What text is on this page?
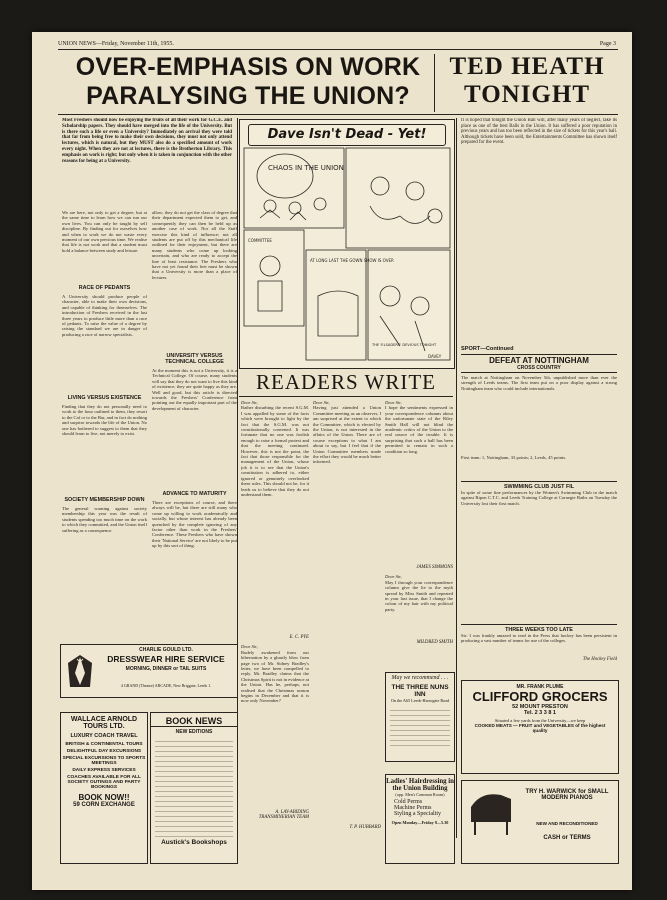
UNION NEWS—Friday, November 11th, 1955.	Page 3
OVER-EMPHASIS ON WORK
PARALYSING THE UNION?
TED HEATH
TONIGHT
Most Freshers should now be enjoying the fruits of all their work for G.C.E. and Scholarship papers. They should have merged into the life of the University. But is there such a life or even a University? Immediately on arrival they were told that far from being free to make their own decisions, they must not only attend lectures, which is natural, but they MUST also do a specified amount of work every night. When they are not at lectures, there is the Brotherton Library. This emphasis on work is right; but only when it is taken in conjunction with the other reasons for being at a University.
We are here, not only to get a degree, but at the same time to learn how we can run our own lives. You can only be taught by self discipline. By finding out for ourselves how and when to work we do not waste every moment of our own precious time. We realise that life is not work and that a student must hold a balance between study and leisure.
RACE OF PEDANTS
A University should produce people of character, able to make their own decisions, and capable of thinking for themselves. The introduction of Freshers received in the last three years to produce little more than a race of pedants. To raise the value of a degree by raising the standard we are in danger of producing a race of narrow specialists.
LIVING VERSUS EXISTENCE
Finding that they do not personally need to work to the hour outlined to them, they resort to the Caf or to the Bar, and in fact do nothing and surprise towards the life of the Union. No one has bothered to suggest to them that they should learn to live, not merely to exist.
SOCIETY MEMBERSHIP DOWN
The general warning against society membership this year was the result of students spending too much time on the work to which they committed, and the Union itself suffering as a consequence.
allow; they do not get the class of degree that their department expected them to get, and consequently they can then be held up as another case of work. Nor all the Staff exercise this kind of influence; not all students are put off by this mechanical life outlined for their enjoyment, but there are many students who come up looking uncertain, and who are ready to accept the line of least resistance. The Freshers who have not yet found their feet must be shown that a University is more than a place of lectures.
UNIVERSITY VERSUS TECHNICAL COLLEGE
At the moment this is not a University, it is a Technical College. Of course, many students will say that they do not want to live this kind of existence; they are quite happy as they are. Well and good, but this article is directed towards the Freshers' Conference from pointing out the equally important part of the development of character.
ADVANCE TO MATURITY
There are exceptions of course, and there always will be, but there are still many who come up willing to work academically and socially, but whose interest has already been quenched by the complete ignoring of any factor other than work in the Freshers' Conference. These Freshers who have shown their 'National Service' are not likely to be put up by this sort of thing.
Dave Isn't Dead - Yet!
CHAOS IN THE UNION
COMMITTEE
AT LONG LAST THE GOWN SHOW IS OVER
THE 'ELSADERS' DEVIOUS TONIGHT
DAVEY
READERS WRITE
Dear Sir,
Rather disturbing the recent S.G.M. I was appalled by some of the facts which were brought to light by the fact that the S.G.M. was not constitutionally convened. It was fortunate that no one was foolish enough to raise a formal protest and that the meeting continued. However, this is not the point, the fact that those responsible for the management of the Union, whose job it is to see that the Union's constitution is adhered to, either ignored or genuinely overlooked these rules. This should not be, for it leads us to believe that they do not understand them.
E. C. PYE
Dear Sir,
Rudely awakened from our hibernation by a ghastly blow from page two of Mr. Sidney Bradley's letter, we have been compelled to reply. Mr. Bradley claims that the Christmas Spirit is not in evidence at the Union. Has he, perhaps, not realised that the Christmas season begins in December and that it is now only November?
A. LAY-ABIDING TRANSMINERIAN TEAM
Dear Sir,
Having just attended a Union Committee meeting as an observer, I am surprised at the extent to which the Committee, which is elected by the Union, is not interested in the affairs of the Union. There are of course exceptions to what I am about to say, but I feel that if the Union Committee members made the effort they would be much better informed.
T. P. HUBBARD
Dear Sir,
I hope the sentiments expressed in your correspondence columns about the unfortunate state of the Riley Smith Hall will not blind the academic critics of the Union to the real source of the trouble. It is surprising that such a hall has been permitted to remain in such a condition so long.
JAMES SIMMONS
Dear Sir,
May I through your correspondence column give the lie to the myth spread by Miss Smith and repeated in your last issue, that I change the colour of my hair with my political party.
MILDRED SMITH
It is hoped that tonight the Union Ball will, after many years of neglect, take its place as one of the best Balls in the Union. It has suffered a poor reputation in previous years and has too been reflected in the size of tickets for this year's ball. Although tickets have been sold, the Entertainments Committee has shown itself prepared for the event.
SPORT—Continued
DEFEAT AT NOTTINGHAM
CROSS COUNTRY
The match at Nottingham on November 5th, unpublished more than ever the strength of Leeds teams. The first team put on a poor display against a strong Nottingham team who could include internationals.
First team: 1, Nottingham, 33 points; 2, Leeds, 45 points.
SWIMMING CLUB JUST FIL
In spite of some fine performances by the Women's Swimming Club in the match against Ripon C.T.C. and Leeds Training College at Carnegie Baths on Tuesday the University lost their first match.
THREE WEEKS TOO LATE
Sir: I was frankly amazed to read in the Press that hockey has been persistent in producing a vast number of teams for use of the colleges.
The Hockey Field
CHARLIE GOULD LTD.
DRESSWEAR HIRE SERVICE
MORNING, DINNER or TAIL SUITS
4 GRAND (Theatre) ARCADE, New Briggate, Leeds 1.
WALLACE ARNOLD TOURS LTD.
LUXURY COACH TRAVEL
BRITISH & CONTINENTAL TOURS
DELIGHTFUL DAY EXCURSIONS
SPECIAL EXCURSIONS TO SPORTS MEETINGS
DAILY EXPRESS SERVICES
COACHES AVAILABLE FOR ALL SOCIETY OUTINGS AND PARTY BOOKINGS
BOOK NOW!!
59 CORN EXCHANGE
BOOK NEWS
NEW EDITIONS
Austick's Bookshops
May we recommend . . .
THE THREE NUNS INN
On the A65 Leeds-Harrogate Road
Ladies' Hairdressing in the Union Building
(opp. Men's Common Room)
Cold Perms
Machine Perms
Styling a Speciality
Open Monday—Friday 9—5.30
MR. FRANK PLUME
CLIFFORD GROCERS
52 MOUNT PRESTON
Tel. 2 3 3 8 1
Situated a few yards from the University—we keep
COOKED MEATS — FRUIT and VEGETABLES of the highest quality
TRY H. WARWICK for SMALL MODERN PIANOS
NEW AND RECONDITIONED
CASH or TERMS
